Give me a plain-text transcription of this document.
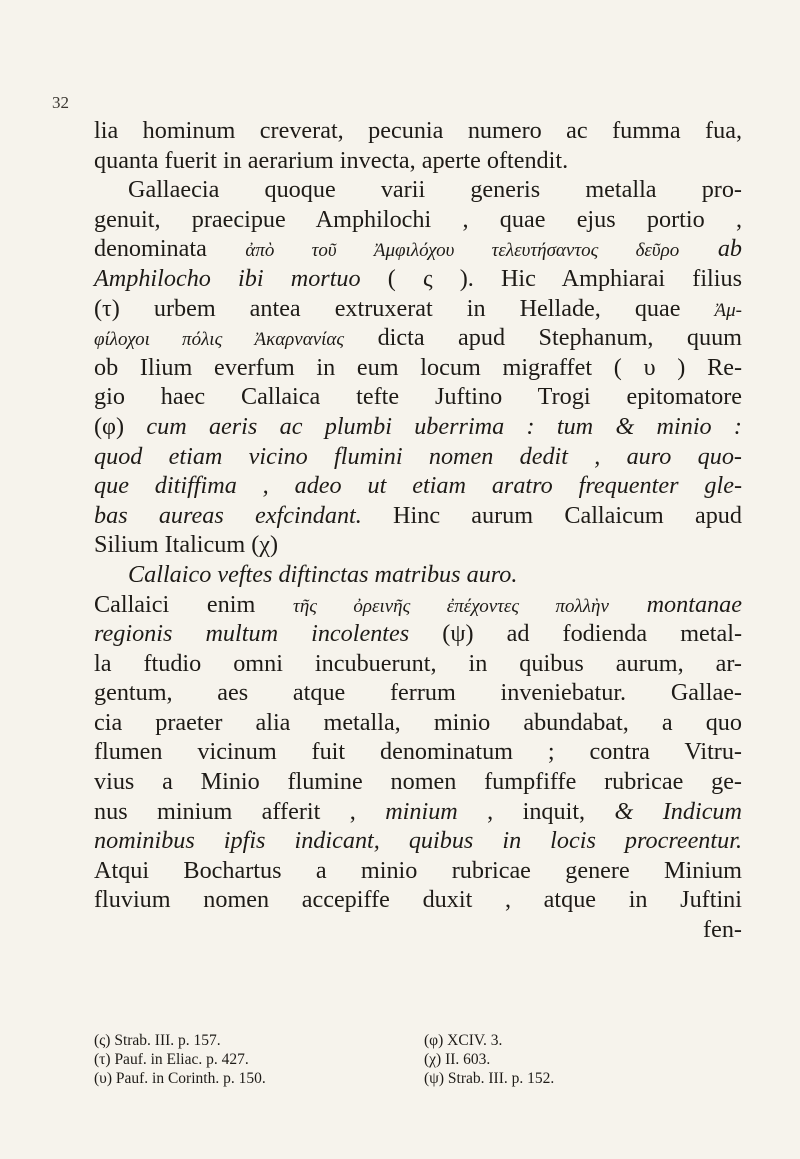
32
lia hominum creverat, pecunia numero ac fumma fua,
quanta fuerit in aerarium invecta, aperte oftendit.
Gallaecia quoque varii generis metalla pro-
genuit, praecipue Amphilochi , quae ejus portio ,
denominata ἀπὸ τοῦ Ἀμφιλόχου τελευτήσαντος δεῦρο ab
Amphilocho ibi mortuo ( ς ). Hic Amphiarai filius
(τ) urbem antea extruxerat in Hellade, quae Ἀμ-
φίλοχοι πόλις Ἀκαρνανίας dicta apud Stephanum, quum
ob Ilium everfum in eum locum migraffet ( υ ) Re-
gio haec Callaica tefte Juftino Trogi epitomatore
(φ) cum aeris ac plumbi uberrima : tum & minio :
quod etiam vicino flumini nomen dedit , auro quo-
que ditiffima , adeo ut etiam aratro frequenter gle-
bas aureas exfcindant. Hinc aurum Callaicum apud
Silium Italicum (χ)
Callaico veftes diftinctas matribus auro.
Callaici enim τῆς ὀρεινῆς ἐπέχοντες πολλὴν montanae
regionis multum incolentes (ψ) ad fodienda metal-
la ftudio omni incubuerunt, in quibus aurum, ar-
gentum, aes atque ferrum inveniebatur. Gallae-
cia praeter alia metalla, minio abundabat, a quo
flumen vicinum fuit denominatum ; contra Vitru-
vius a Minio flumine nomen fumpfiffe rubricae ge-
nus minium afferit , minium , inquit, & Indicum
nominibus ipfis indicant, quibus in locis procreentur.
Atqui Bochartus a minio rubricae genere Minium
fluvium nomen accepiffe duxit , atque in Juftini
fen-
(ς) Strab. III. p. 157.	(φ) XCIV. 3.
(τ) Pauf. in Eliac. p. 427.	(χ) II. 603.
(υ) Pauf. in Corinth. p. 150.	(ψ) Strab. III. p. 152.
